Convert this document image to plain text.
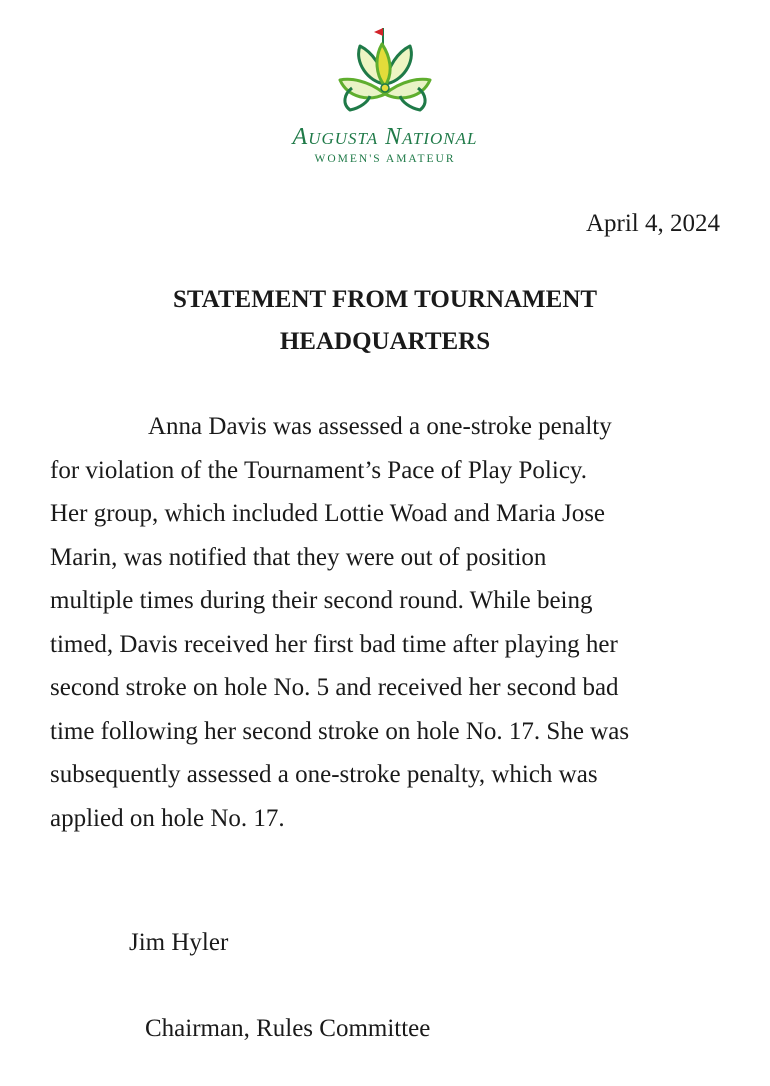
Augusta National
WOMEN'S AMATEUR
April 4, 2024
STATEMENT FROM TOURNAMENT
HEADQUARTERS
Anna Davis was assessed a one-stroke penalty
for violation of the Tournament’s Pace of Play Policy.
Her group, which included Lottie Woad and Maria Jose
Marin, was notified that they were out of position
multiple times during their second round. While being
timed, Davis received her first bad time after playing her
second stroke on hole No. 5 and received her second bad
time following her second stroke on hole No. 17. She was
subsequently assessed a one-stroke penalty, which was
applied on hole No. 17.
Jim Hyler
Chairman, Rules Committee
